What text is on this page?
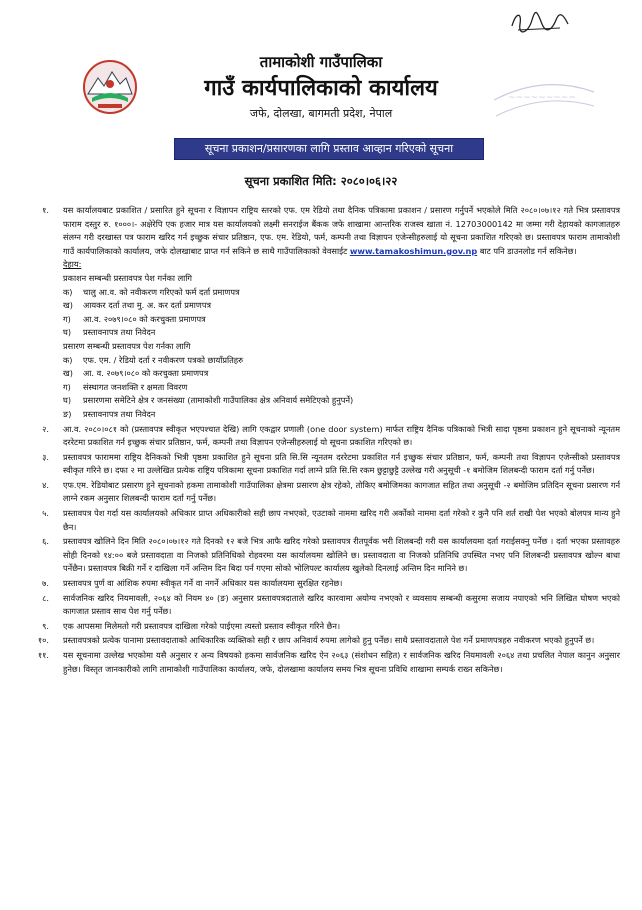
~~~~~~~~~
तामाकोशी गाउँपालिका
गाउँ कार्यपालिकाको कार्यालय
जफे, दोलखा, बागमती प्रदेश, नेपाल
सूचना प्रकाशन/प्रसारणका लागि प्रस्ताव आव्हान गरिएको सूचना
सूचना प्रकाशित मिति: २०८०।०६।२२
१.	यस कार्यालयबाट प्रकाशित / प्रसारित हुने सूचना र विज्ञापन राष्ट्रिय स्तरको एफ. एम रेडियो तथा दैनिक पत्रिकामा प्रकाशन / प्रसारण गर्नुपर्ने भएकोले मिति २०८०।०७।१२ गते भित्र प्रस्तावपत्र फाराम दस्तुर रु. १०००।- अक्षेरेपि एक हजार मात्र यस कार्यालयको लक्ष्मी सनराईज बैंकक जफे शाखामा आन्तरिक राजस्व खाता नं. 12703000142 मा जम्मा गरी देहायको कागजातहरु संलग्न गरी दरखास्त पत्र फाराम खरिद गर्न इच्छुक संचार प्रतिष्ठान, एफ. एम. रेडियो, फर्म, कम्पनी तथा विज्ञापन एजेन्सीहरुलाई यो सूचना प्रकाशित गरिएको छ। प्रस्तावपत्र फाराम तामाकोशी गाउँ कार्यपालिकाको कार्यालय, जफे दोलखाबाट प्राप्त गर्न सकिने छ साथै गाउँपालिकाको वेवसाईट www.tamakoshimun.gov.np बाट पनि डाउनलोड गर्न सकिनेछ।
देहाय:
प्रकाशन सम्बन्धी प्रस्तावपत्र पेश गर्नका लागि
क)	चालु आ.व. को नवीकरण गरिएको फर्म दर्ता प्रमाणपत्र
ख)	आयकर दर्ता तथा मु. अ. कर दर्ता प्रमाणपत्र
ग)	आ.व. २०७९।०८० को करचुक्ता प्रमाणपत्र
घ)	प्रस्तावनापत्र तथा निवेदन
प्रसारण सम्बन्धी प्रस्तावपत्र पेश गर्नका लागि
क)	एफ. एम. / रेडियो दर्ता र नवीकरण पत्रको छायाँप्रतिहरु
ख)	आ. व. २०७९।०८० को करचुक्ता प्रमाणपत्र
ग)	संस्थागत जनशक्ति र क्षमता विवरण
घ)	प्रसारणमा समेटिने क्षेत्र र जनसंख्या (तामाकोशी गाउँपालिका क्षेत्र अनिवार्य समेटिएको हुनुपर्ने)
ङ)	प्रस्तावनापत्र तथा निवेदन
२.	आ.व. २०८०।०८१ को (प्रस्तावपत्र स्वीकृत भएपश्चात देखि) लागि एकद्वार प्रणाली (one door system) मार्फत राष्ट्रिय दैनिक पत्रिकाको भित्री सादा पृष्ठमा प्रकाशन हुने सूचनाको न्यूनतम दररेटमा प्रकाशित गर्न इच्छुक संचार प्रतिष्ठान, फर्म, कम्पनी तथा विज्ञापन एजेन्सीहरुलाई यो सूचना प्रकाशित गरिएको छ।
३.	प्रस्तावपत्र फाराममा राष्ट्रिय दैनिकको भित्री पृष्ठमा प्रकाशित हुने सूचना प्रति सि.सि न्यूनतम दररेटमा प्रकाशित गर्न इच्छुक संचार प्रतिष्ठान, फर्म, कम्पनी तथा विज्ञापन एजेन्सीको प्रस्तावपत्र स्वीकृत गरिने छ। दफा २ मा उल्लेखित प्रत्येक राष्ट्रिय पत्रिकामा सूचना प्रकाशित गर्दा लाग्ने प्रति सि.सि रकम छुट्टाछुट्टै उल्लेख गरी अनुसूची -१ बमोजिम शिलबन्दी फाराम दर्ता गर्नु पर्नेछ।
४.	एफ.एम. रेडियोबाट प्रसारण हुने सूचनाको हकमा तामाकोशी गाउँपालिका क्षेत्रमा प्रसारण क्षेत्र रहेको, तोकिए बमोजिमका कागजात सहित तथा अनुसूची -२ बमोजिम प्रतिदिन सूचना प्रसारण गर्न लाग्ने रकम अनुसार शिलबन्दी फाराम दर्ता गर्नु पर्नेछ।
५.	प्रस्तावपत्र पेश गर्दा यस कार्यालयको अधिकार प्राप्त अधिकारीको सही छाप नभएको, एउटाको नाममा खरिद गरी अर्कोको नाममा दर्ता गरेको र कुनै पनि शर्त राखी पेश भएको बोलपत्र मान्य हुने छैन।
६.	प्रस्तावपत्र खोलिने दिन मिति २०८०।०७।१२ गते दिनको १२ बजे भित्र आफै खरिद गरेको प्रस्तावपत्र रीतपूर्वक भरी शिलबन्दी गरी यस कार्यालयमा दर्ता गराईसक्नु पर्नेछ । दर्ता भएका प्रस्तावहरु सोही दिनको १४:०० बजे प्रस्तावदाता वा निजको प्रतिनिधिको रोहवरमा यस कार्यालयमा खोलिने छ। प्रस्तावदाता वा निजको प्रतिनिधि उपस्थित नभए पनि शिलबन्दी प्रस्तावपत्र खोल्न बाधा पर्नेछैन। प्रस्तावपत्र बिक्री गर्ने र दाखिला गर्ने अन्तिम दिन बिदा पर्न गएमा सोको भोलिपल्ट कार्यालय खुलेको दिनलाई अन्तिम दिन मानिने छ।
७.	प्रस्तावपत्र पुर्ण वा आंशिक रुपमा स्वीकृत गर्ने वा नगर्ने अधिकार यस कार्यालयमा सुरक्षित रहनेछ।
८.	सार्वजनिक खरिद नियमावली, २०६४ को नियम ४० (ङ) अनुसार प्रस्तावपत्रदाताले खरिद कारवामा अयोग्य नभएको र व्यवसाय सम्बन्धी कसुरमा सजाय नपाएको भनि लिखित घोषण भएको कागजात प्रस्ताव साथ पेश गर्नु पर्नेछ।
९.	एक आपसमा मिलेमतो गरी प्रस्तावपत्र दाखिला गरेको पाईएमा त्यस्तो प्रस्ताव स्वीकृत गरिने छैन।
१०.	प्रस्तावपत्रको प्रत्येक पानामा प्रस्तावदाताको आधिकारिक व्यक्तिको सही र छाप अनिवार्य रुपमा लागेको हुनु पर्नेछ। साथै प्रस्तावदाताले पेश गर्ने प्रमाणपत्रहरु नवीकरण भएको हुनुपर्ने छ।
११.	यस सूचनामा उल्लेख भएकोमा यसै अनुसार र अन्य विषयको हकमा सार्वजनिक खरिद ऐन २०६३ (संशोधन सहित) र सार्वजनिक खरिद नियमावली २०६४ तथा प्रचलित नेपाल कानुन अनुसार हुनेछ। विस्तृत जानकारीको लागि तामाकोशी गाउँपालिका कार्यालय, जफे, दोलखामा कार्यालय समय भित्र सूचना प्रविधि शाखामा सम्पर्क राख्न सकिनेछ।
